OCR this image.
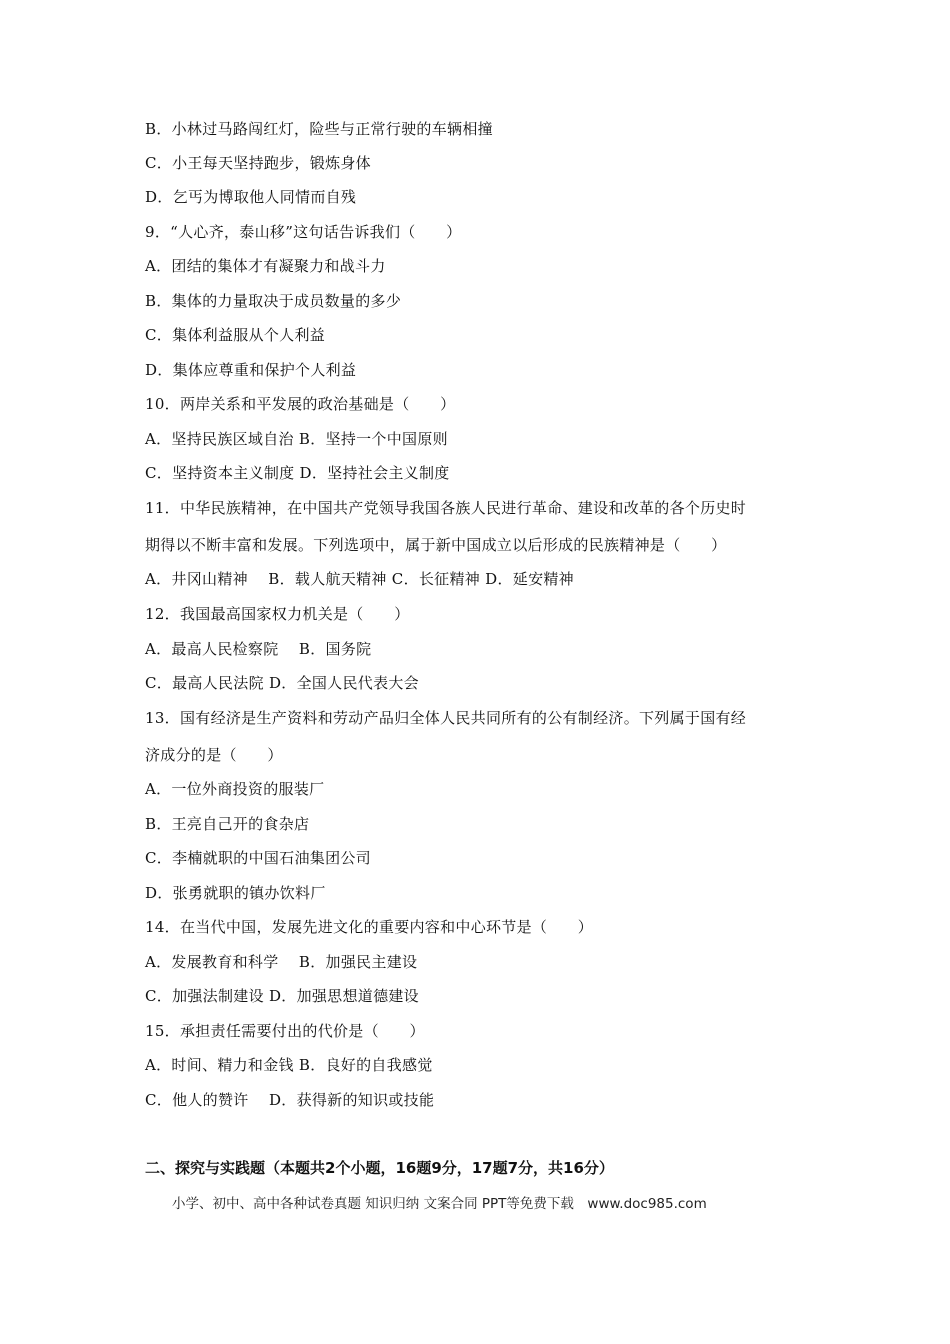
B．小林过马路闯红灯，险些与正常行驶的车辆相撞
C．小王每天坚持跑步，锻炼身体
D．乞丐为博取他人同情而自残
9．“人心齐，泰山移”这句话告诉我们（　　）
A．团结的集体才有凝聚力和战斗力
B．集体的力量取决于成员数量的多少
C．集体利益服从个人利益
D．集体应尊重和保护个人利益
10．两岸关系和平发展的政治基础是（　　）
A．坚持民族区域自治 B．坚持一个中国原则
C．坚持资本主义制度 D．坚持社会主义制度
11．中华民族精神，在中国共产党领导我国各族人民进行革命、建设和改革的各个历史时
期得以不断丰富和发展。下列选项中，属于新中国成立以后形成的民族精神是（　　）
A．井冈山精神　 B．载人航天精神 C．长征精神 D．延安精神
12．我国最高国家权力机关是（　　）
A．最高人民检察院　 B．国务院
C．最高人民法院 D．全国人民代表大会
13．国有经济是生产资料和劳动产品归全体人民共同所有的公有制经济。下列属于国有经
济成分的是（　　）
A．一位外商投资的服装厂
B．王亮自己开的食杂店
C．李楠就职的中国石油集团公司
D．张勇就职的镇办饮料厂
14．在当代中国，发展先进文化的重要内容和中心环节是（　　）
A．发展教育和科学　 B．加强民主建设
C．加强法制建设 D．加强思想道德建设
15．承担责任需要付出的代价是（　　）
A．时间、精力和金钱 B．良好的自我感觉
C．他人的赞许　 D．获得新的知识或技能
二、探究与实践题（本题共2个小题，16题9分，17题7分，共16分）
小学、初中、高中各种试卷真题 知识归纳 文案合同 PPT等免费下载　www.doc985.com
